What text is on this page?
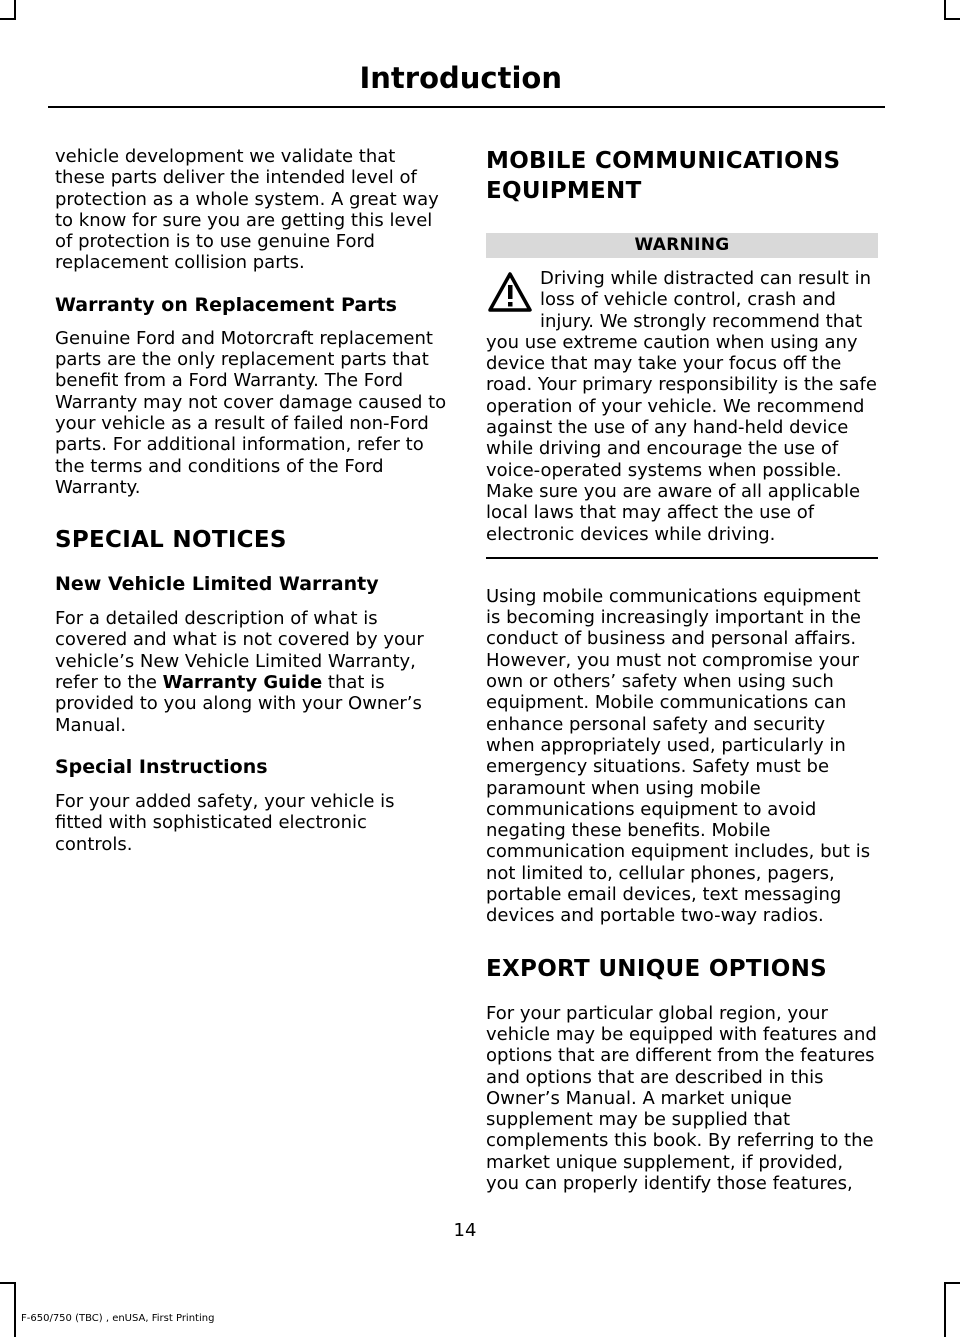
Introduction

vehicle development we validate that these parts deliver the intended level of protection as a whole system. A great way to know for sure you are getting this level of protection is to use genuine Ford replacement collision parts.

Warranty on Replacement Parts

Genuine Ford and Motorcraft replacement parts are the only replacement parts that benefit from a Ford Warranty. The Ford Warranty may not cover damage caused to your vehicle as a result of failed non-Ford parts. For additional information, refer to the terms and conditions of the Ford Warranty.

SPECIAL NOTICES
New Vehicle Limited Warranty

For a detailed description of what is covered and what is not covered by your vehicle’s New Vehicle Limited Warranty, refer to the Warranty Guide that is provided to you along with your Owner’s Manual.

Special Instructions

For your added safety, your vehicle is fitted with sophisticated electronic controls.

MOBILE COMMUNICATIONS
EQUIPMENT
WARNING

Driving while distracted can result in loss of vehicle control, crash and injury. We strongly recommend that you use extreme caution when using any device that may take your focus off the road. Your primary responsibility is the safe operation of your vehicle. We recommend against the use of any hand-held device while driving and encourage the use of voice-operated systems when possible. Make sure you are aware of all applicable local laws that may affect the use of electronic devices while driving.

Using mobile communications equipment is becoming increasingly important in the conduct of business and personal affairs. However, you must not compromise your own or others’ safety when using such equipment. Mobile communications can enhance personal safety and security when appropriately used, particularly in emergency situations. Safety must be paramount when using mobile communications equipment to avoid negating these benefits. Mobile communication equipment includes, but is not limited to, cellular phones, pagers, portable email devices, text messaging devices and portable two-way radios.

EXPORT UNIQUE OPTIONS

For your particular global region, your vehicle may be equipped with features and options that are different from the features and options that are described in this Owner’s Manual. A market unique supplement may be supplied that complements this book. By referring to the market unique supplement, if provided, you can properly identify those features,

14
F-650/750 (TBC) , enUSA, First Printing
